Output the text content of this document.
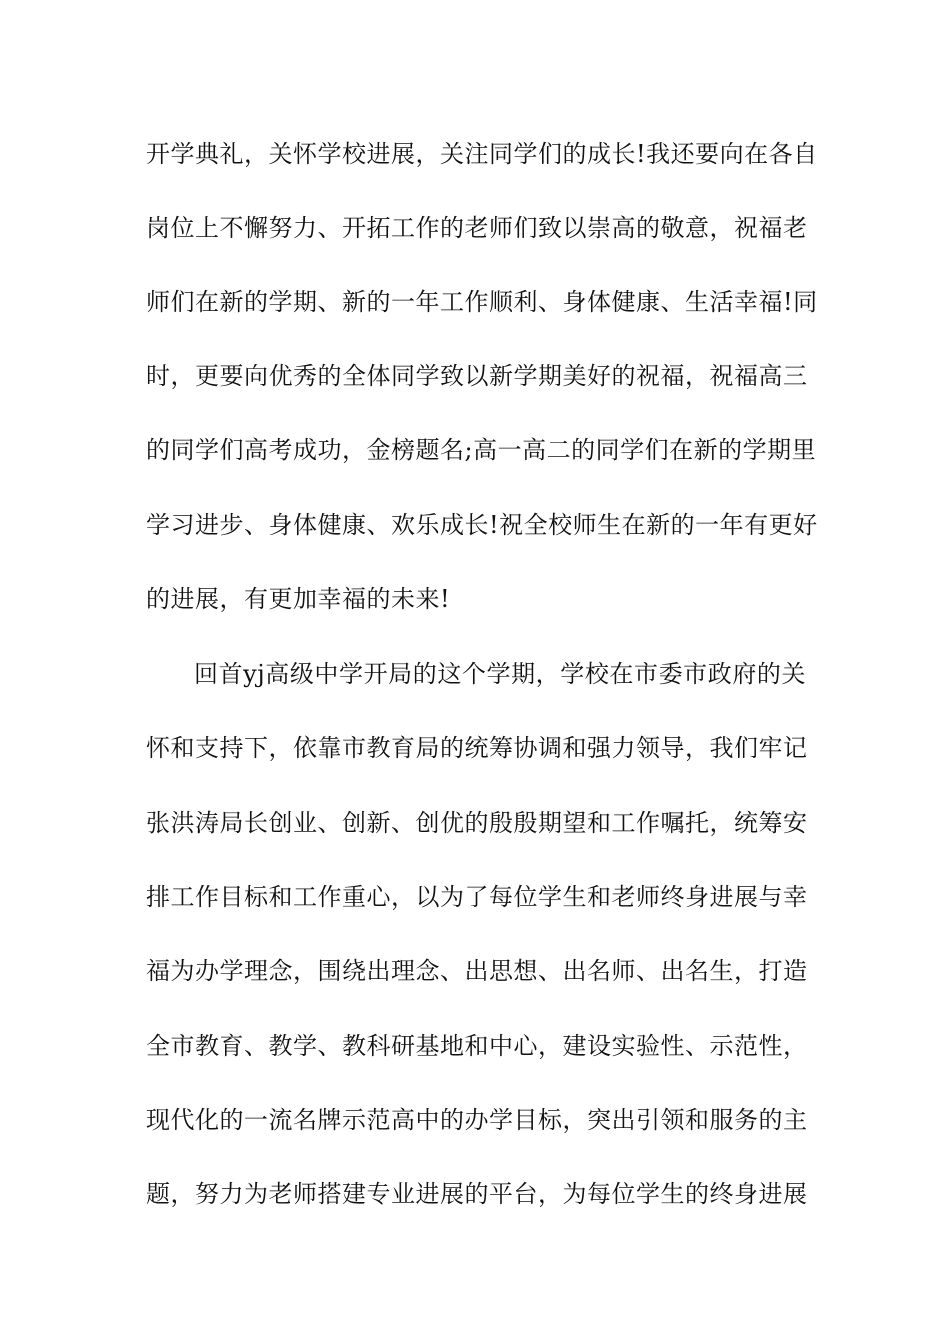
开学典礼，关怀学校进展，关注同学们的成长!我还要向在各自
岗位上不懈努力、开拓工作的老师们致以崇高的敬意，祝福老
师们在新的学期、新的一年工作顺利、身体健康、生活幸福!同
时，更要向优秀的全体同学致以新学期美好的祝福，祝福高三
的同学们高考成功，金榜题名;高一高二的同学们在新的学期里
学习进步、身体健康、欢乐成长!祝全校师生在新的一年有更好
的进展，有更加幸福的未来!
回首yj高级中学开局的这个学期，学校在市委市政府的关
怀和支持下，依靠市教育局的统筹协调和强力领导，我们牢记
张洪涛局长创业、创新、创优的殷殷期望和工作嘱托，统筹安
排工作目标和工作重心，以为了每位学生和老师终身进展与幸
福为办学理念，围绕出理念、出思想、出名师、出名生，打造
全市教育、教学、教科研基地和中心，建设实验性、示范性，
现代化的一流名牌示范高中的办学目标，突出引领和服务的主
题，努力为老师搭建专业进展的平台，为每位学生的终身进展
